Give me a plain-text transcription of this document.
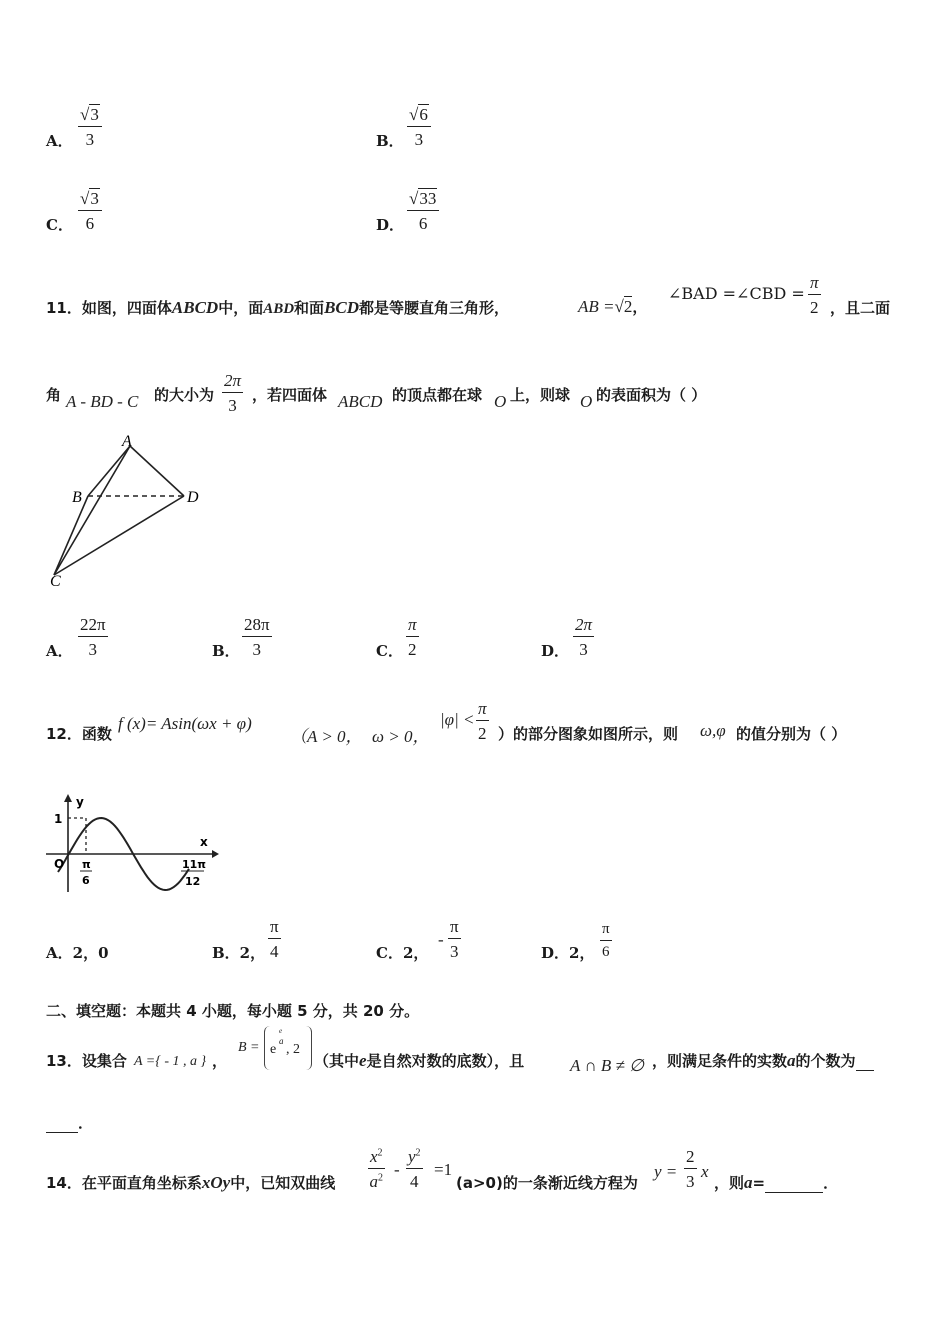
A． $\frac{√3}{3}$	B． $\frac{√6}{3}$
C． $\frac{√3}{6}$	D． $\frac{√33}{6}$
11．如图，四面体ABCD中，面ABD和面BCD都是等腰直角三角形，	AB =√2，
∠BAD =∠CBD = $\frac{\pi}{2}$ ，且二面
角 A - BD - C 的大小为 $\frac{2\pi}{3}$ ，若四面体 ABCD 的顶点都在球 O 上，则球 O 的表面积为（ ）
A
B	D
C
A． $\frac{22\pi}{3}$	B． $\frac{28\pi}{3}$	C． $\frac{\pi}{2}$	D． $\frac{2\pi}{3}$
12．函数
f (x)= Asin(ωx + φ)
（A > 0， ω > 0，
$|\varphi| < \frac{\pi}{2}$ ）的部分图象如图所示，则 ω,φ 的值分别为（ ）
y
x
1
O π
6
11π
12
A．2，0	B．2， $\frac{\pi}{4}$	C．2，
- $\frac{\pi}{3}$	D．2， $\frac{\pi}{6}$
二、填空题：本题共 4 小题，每小题 5 分，共 20 分。
13．设集合 A ={ - 1 , a } ，
B = e
a
e
, 2
（其中e是自然对数的底数），且	A ∩ B ≠ ∅ ，则满足条件的实数a的个数为
．
14．在平面直角坐标系xOy中，已知双曲线 $\frac{x^2}{a^2} - \frac{y^2}{4} =1$
(a>0)的一条渐近线方程为
$y = \frac{2}{3}$ x
，则a=	．
